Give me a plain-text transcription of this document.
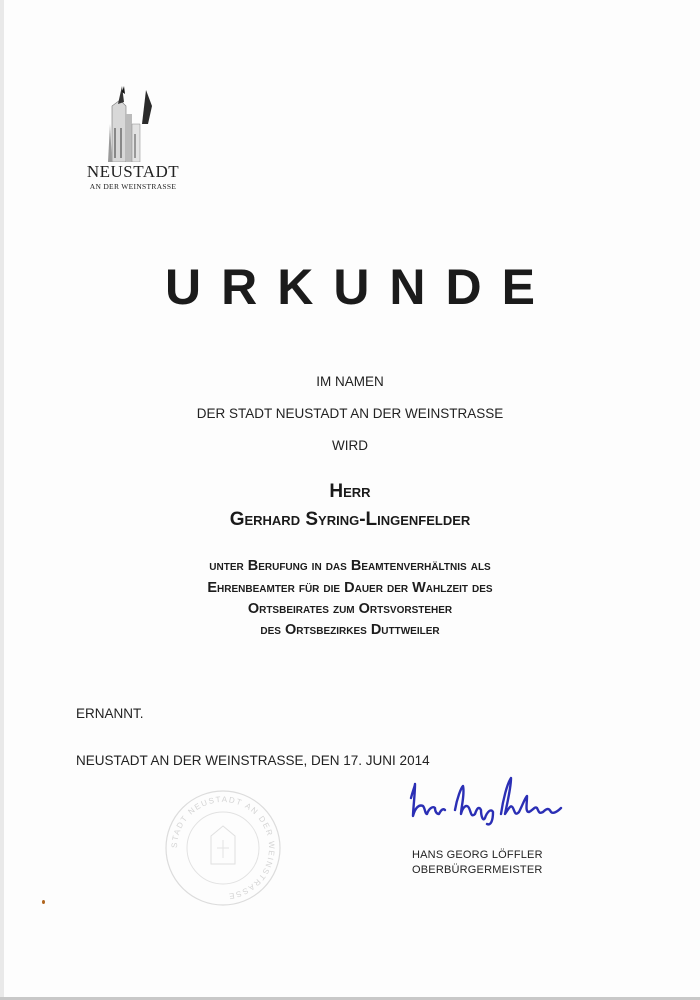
NEUSTADT
AN DER WEINSTRASSE
URKUNDE
IM NAMEN
DER STADT NEUSTADT AN DER WEINSTRASSE
WIRD
Herr
Gerhard Syring-Lingenfelder
unter Berufung in das Beamtenverhältnis als
Ehrenbeamter für die Dauer der Wahlzeit des
Ortsbeirates zum Ortsvorsteher
des Ortsbezirkes Duttweiler
ERNANNT.
NEUSTADT AN DER WEINSTRASSE, DEN 17. JUNI 2014
STADT NEUSTADT AN DER WEINSTRASSE
HANS GEORG LÖFFLER
OBERBÜRGERMEISTER
